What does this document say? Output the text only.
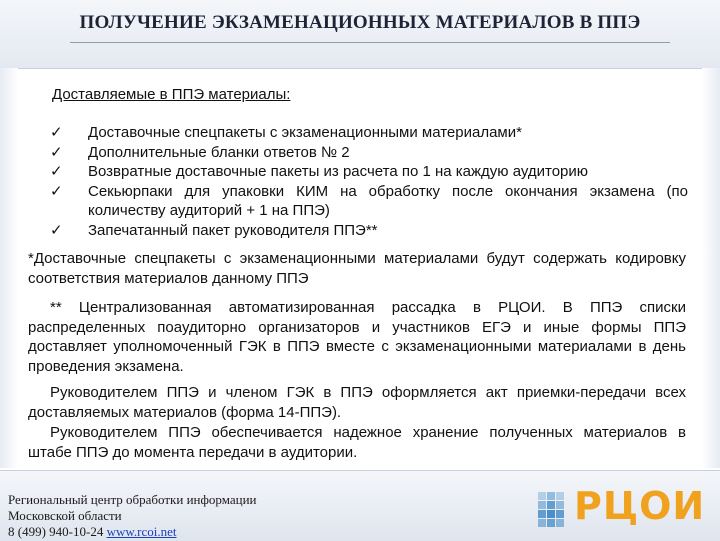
ПОЛУЧЕНИЕ ЭКЗАМЕНАЦИОННЫХ МАТЕРИАЛОВ В ППЭ
Доставляемые в ППЭ материалы:
✓ Доставочные спецпакеты с экзаменационными материалами*
✓ Дополнительные бланки ответов № 2
✓ Возвратные доставочные пакеты из расчета по 1 на каждую аудиторию
✓ Секьюрпаки для упаковки КИМ на обработку после окончания экзамена (по количеству аудиторий + 1 на ППЭ)
✓ Запечатанный пакет руководителя ППЭ**
*Доставочные спецпакеты с экзаменационными материалами будут содержать кодировку соответствия материалов данному ППЭ
** Централизованная автоматизированная рассадка в РЦОИ. В ППЭ списки распределенных поаудиторно организаторов и участников ЕГЭ и иные формы ППЭ доставляет уполномоченный ГЭК в ППЭ вместе с экзаменационными материалами в день проведения экзамена.
Руководителем ППЭ и членом ГЭК в ППЭ оформляется акт приемки-передачи всех доставляемых материалов (форма 14-ППЭ).
Руководителем ППЭ обеспечивается надежное хранение полученных материалов в штабе ППЭ до момента передачи в аудитории.
Региональный центр обработки информации
Московской области
8 (499) 940-10-24 www.rcoi.net
РЦОИ
